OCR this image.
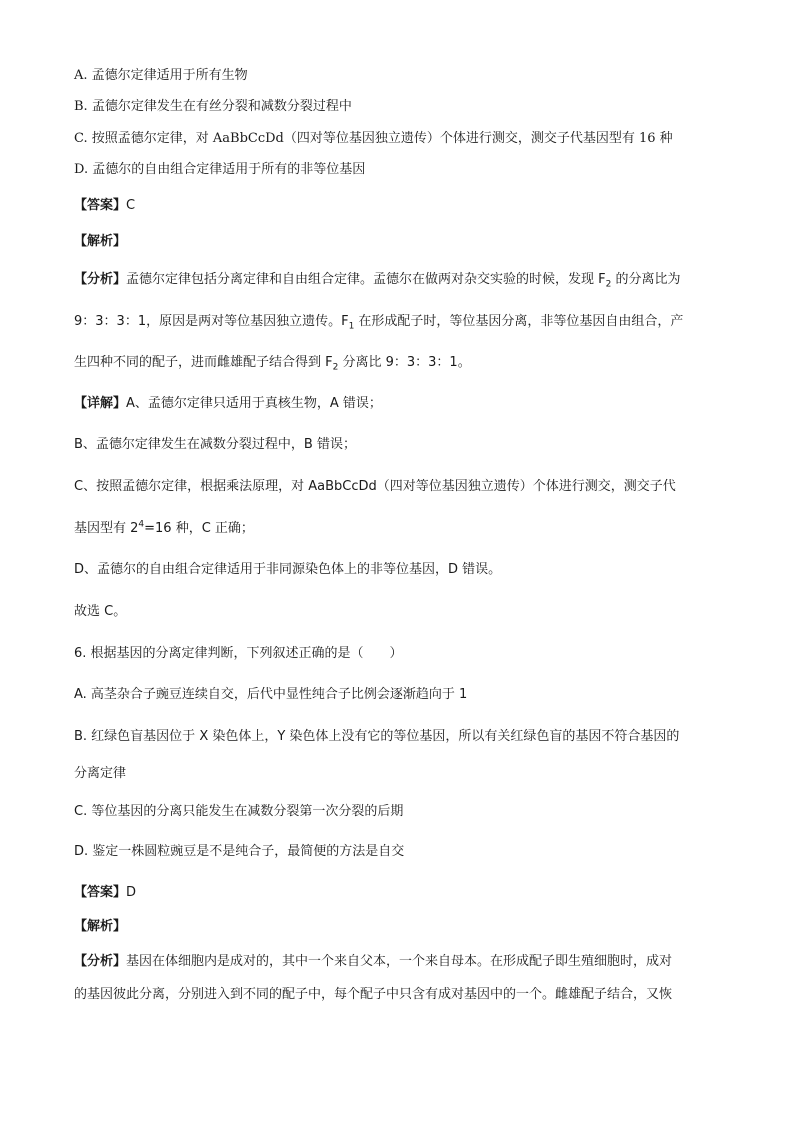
A. 孟德尔定律适用于所有生物
B. 孟德尔定律发生在有丝分裂和减数分裂过程中
C. 按照孟德尔定律，对 AaBbCcDd（四对等位基因独立遗传）个体进行测交，测交子代基因型有 16 种
D. 孟德尔的自由组合定律适用于所有的非等位基因
【答案】C
【解析】
【分析】孟德尔定律包括分离定律和自由组合定律。孟德尔在做两对杂交实验的时候，发现 $F_2$ 的分离比为
9：3：3：1，原因是两对等位基因独立遗传。$F_1$ 在形成配子时，等位基因分离，非等位基因自由组合，产
生四种不同的配子，进而雌雄配子结合得到 $F_2$ 分离比 9：3：3：1。
【详解】A、孟德尔定律只适用于真核生物，A 错误；
B、孟德尔定律发生在减数分裂过程中，B 错误；
C、按照孟德尔定律，根据乘法原理，对 AaBbCcDd（四对等位基因独立遗传）个体进行测交，测交子代
基因型有 $2^4=16$ 种，C 正确；
D、孟德尔的自由组合定律适用于非同源染色体上的非等位基因，D 错误。
故选 C。
6. 根据基因的分离定律判断，下列叙述正确的是（　　）
A. 高茎杂合子豌豆连续自交，后代中显性纯合子比例会逐渐趋向于 1
B. 红绿色盲基因位于 X 染色体上，Y 染色体上没有它的等位基因，所以有关红绿色盲的基因不符合基因的
分离定律
C. 等位基因的分离只能发生在减数分裂第一次分裂的后期
D. 鉴定一株圆粒豌豆是不是纯合子，最简便的方法是自交
【答案】D
【解析】
【分析】基因在体细胞内是成对的，其中一个来自父本，一个来自母本。在形成配子即生殖细胞时，成对
的基因彼此分离，分别进入到不同的配子中，每个配子中只含有成对基因中的一个。雌雄配子结合，又恢
